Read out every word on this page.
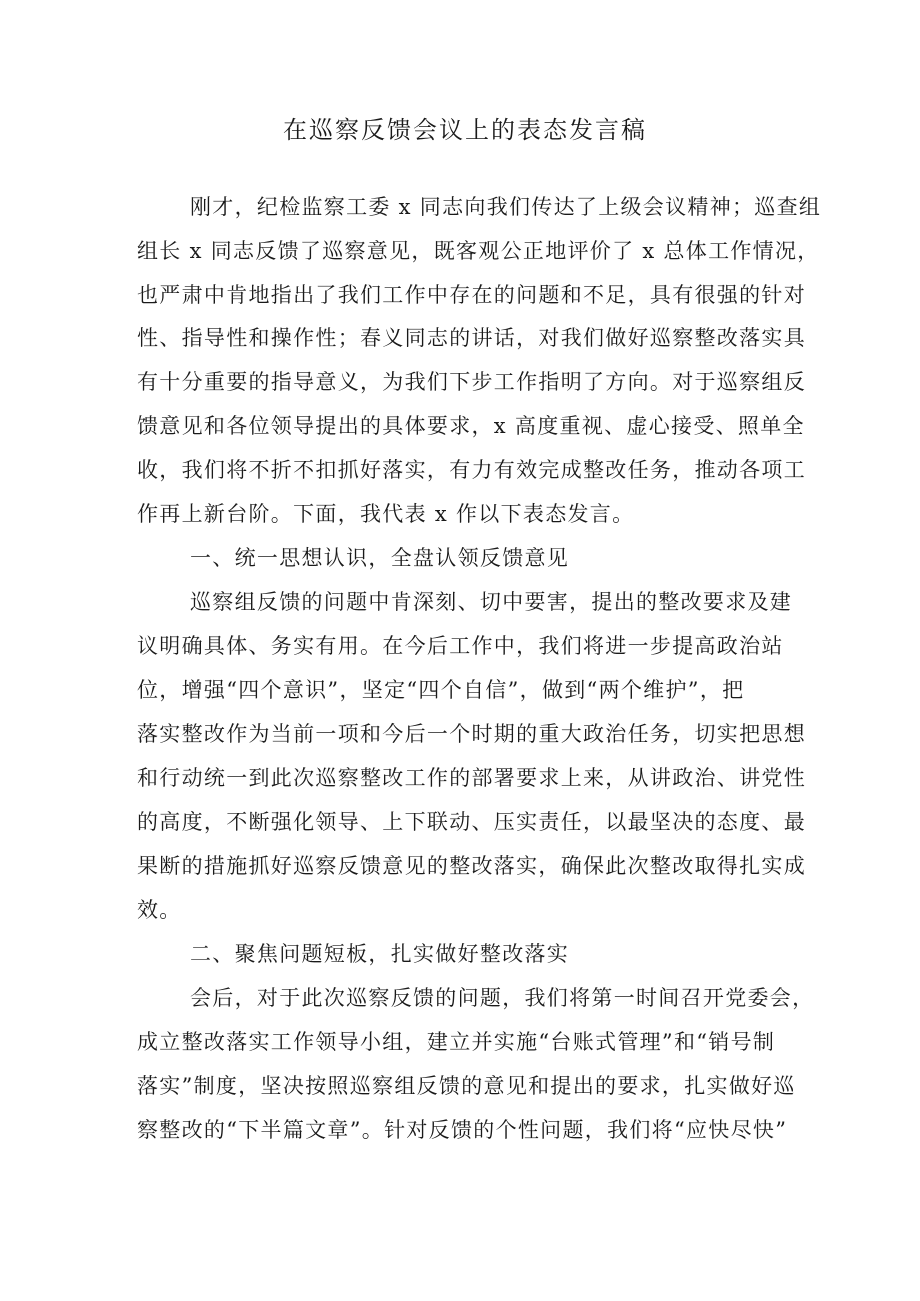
在巡察反馈会议上的表态发言稿
刚才，纪检监察工委 x 同志向我们传达了上级会议精神；巡查组
组长 x 同志反馈了巡察意见，既客观公正地评价了 x 总体工作情况，
也严肃中肯地指出了我们工作中存在的问题和不足，具有很强的针对
性、指导性和操作性；春义同志的讲话，对我们做好巡察整改落实具
有十分重要的指导意义，为我们下步工作指明了方向。对于巡察组反
馈意见和各位领导提出的具体要求，x 高度重视、虚心接受、照单全
收，我们将不折不扣抓好落实，有力有效完成整改任务，推动各项工
作再上新台阶。下面，我代表 x 作以下表态发言。
一、统一思想认识，全盘认领反馈意见
巡察组反馈的问题中肯深刻、切中要害，提出的整改要求及建
议明确具体、务实有用。在今后工作中，我们将进一步提高政治站
位，增强“四个意识”，坚定“四个自信”，做到“两个维护”，把
落实整改作为当前一项和今后一个时期的重大政治任务，切实把思想
和行动统一到此次巡察整改工作的部署要求上来，从讲政治、讲党性
的高度，不断强化领导、上下联动、压实责任，以最坚决的态度、最
果断的措施抓好巡察反馈意见的整改落实，确保此次整改取得扎实成
效。
二、聚焦问题短板，扎实做好整改落实
会后，对于此次巡察反馈的问题，我们将第一时间召开党委会，
成立整改落实工作领导小组，建立并实施“台账式管理”和“销号制
落实”制度，坚决按照巡察组反馈的意见和提出的要求，扎实做好巡
察整改的“下半篇文章”。针对反馈的个性问题，我们将“应快尽快”
